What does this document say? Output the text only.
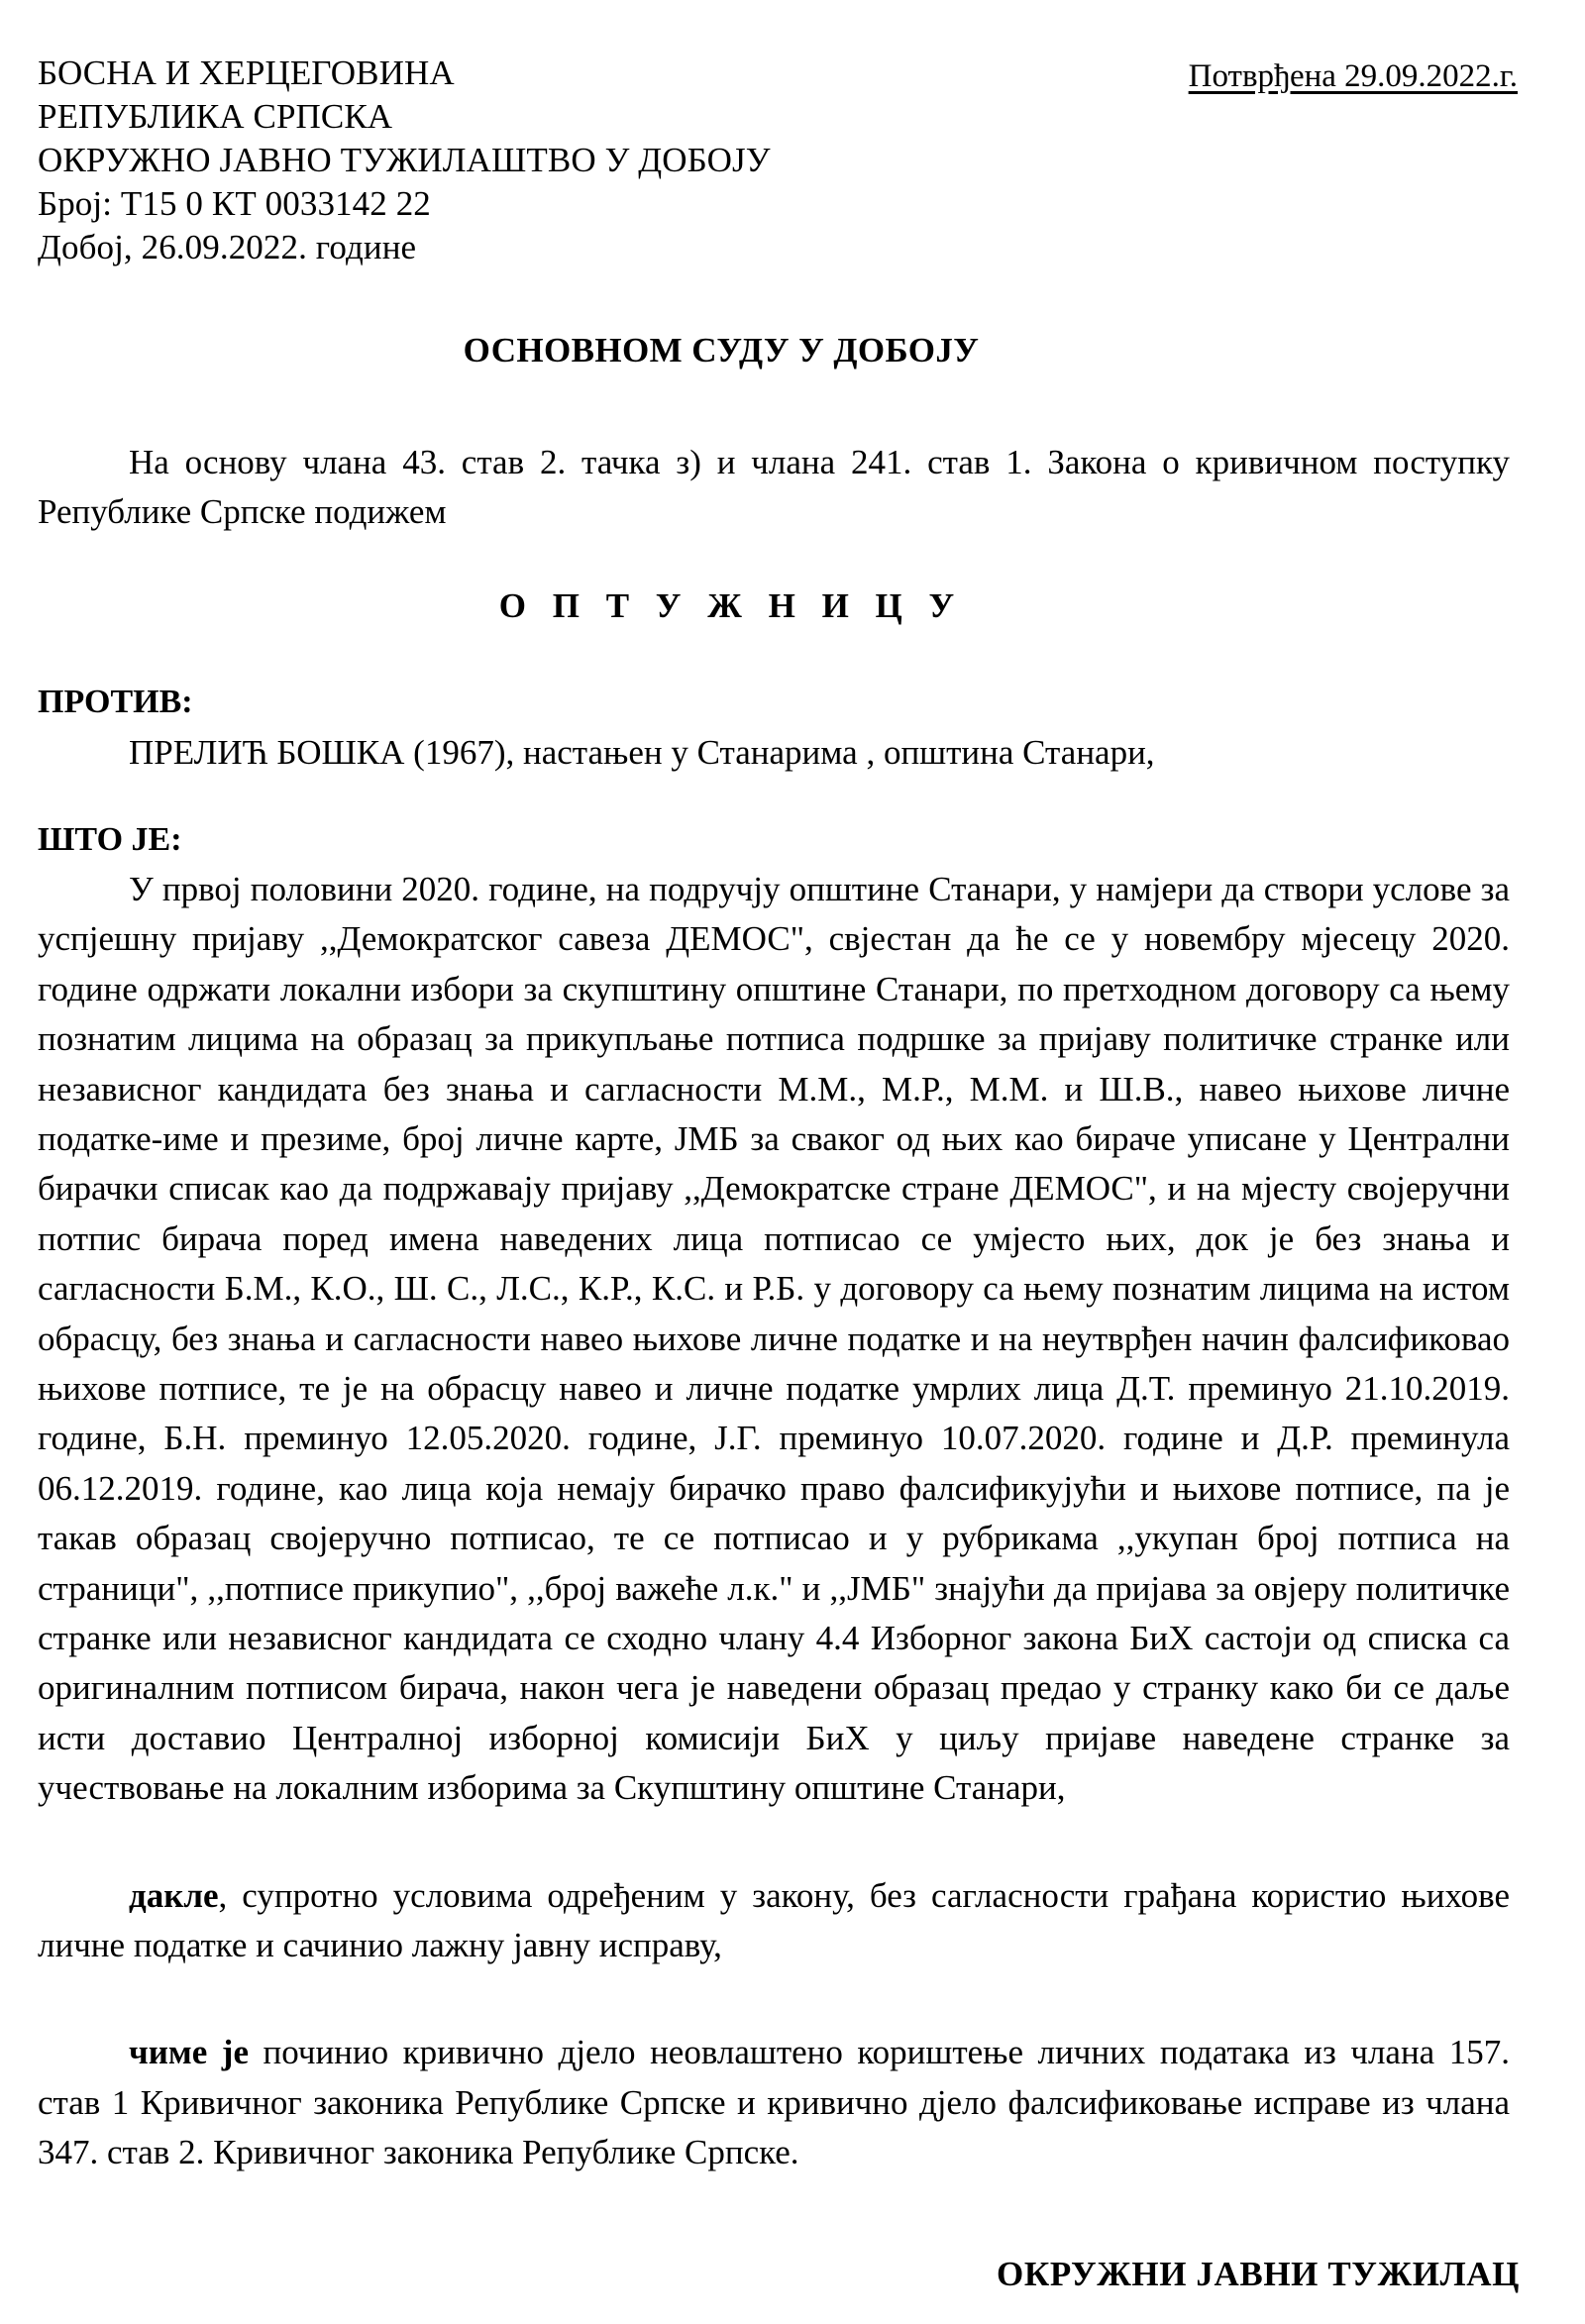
БОСНА И ХЕРЦЕГОВИНА
РЕПУБЛИКА СРПСКА
ОКРУЖНО ЈАВНО ТУЖИЛАШТВО У ДОБОЈУ
Број: Т15 0 КТ 0033142 22
Добој, 26.09.2022. године
Потврђена 29.09.2022.г.
ОСНОВНОМ СУДУ У ДОБОЈУ
На основу члана 43. став 2. тачка з) и члана 241. став 1. Закона о кривичном поступку Републике Српске подижем
О П Т У Ж Н И Ц У
ПРОТИВ:
ПРЕЛИЋ БОШКА (1967), настањен у Станарима , општина Станари,
ШТО ЈЕ:
У првој половини 2020. године, на подручју општине Станари, у намјери да створи услове за успјешну пријаву ,,Демократског савеза ДЕМОС", свјестан да ће се у новембру мјесецу 2020. године одржати локални избори за скупштину општине Станари, по претходном договору са њему познатим лицима на образац за прикупљање потписа подршке за пријаву политичке странке или независног кандидата без знања и сагласности М.М., М.Р., М.М. и Ш.В., навео њихове личне податке-име и презиме, број личне карте, ЈМБ за сваког од њих као бираче уписане у Централни бирачки списак као да подржавају пријаву ,,Демократске стране ДЕМОС", и на мјесту својеручни потпис бирача поред имена наведених лица потписао се умјесто њих, док је без знања и сагласности Б.М., К.О., Ш. С., Л.С., К.Р., К.С. и Р.Б. у договору са њему познатим лицима на истом обрасцу, без знања и сагласности навео њихове личне податке и на неутврђен начин фалсификовао њихове потписе, те је на обрасцу навео и личне податке умрлих лица Д.Т. преминуо 21.10.2019. године, Б.Н. преминуо 12.05.2020. године, Ј.Г. преминуо 10.07.2020. године и Д.Р. преминула 06.12.2019. године, као лица која немају бирачко право фалсификујући и њихове потписе, па је такав образац својеручно потписао, те се потписао и у рубрикама ,,укупан број потписа на страници", ,,потписе прикупио", ,,број важеће л.к." и ,,ЈМБ" знајући да пријава за овјеру политичке странке или независног кандидата се сходно члану 4.4 Изборног закона БиХ састоји од списка са оригиналним потписом бирача, након чега је наведени образац предао у странку како би се даље исти доставио Централној изборној комисији БиХ у циљу пријаве наведене странке за учествовање на локалним изборима за Скупштину општине Станари,
дакле, супротно условима одређеним у закону, без сагласности грађана користио њихове личне податке и сачинио лажну јавну исправу,
чиме је починио кривично дјело неовлаштено кориштење личних података из члана 157. став 1 Кривичног законика Републике Српске и кривично дјело фалсификовање исправе из члана 347. став 2. Кривичног законика Републике Српске.
ОКРУЖНИ ЈАВНИ ТУЖИЛАЦ
